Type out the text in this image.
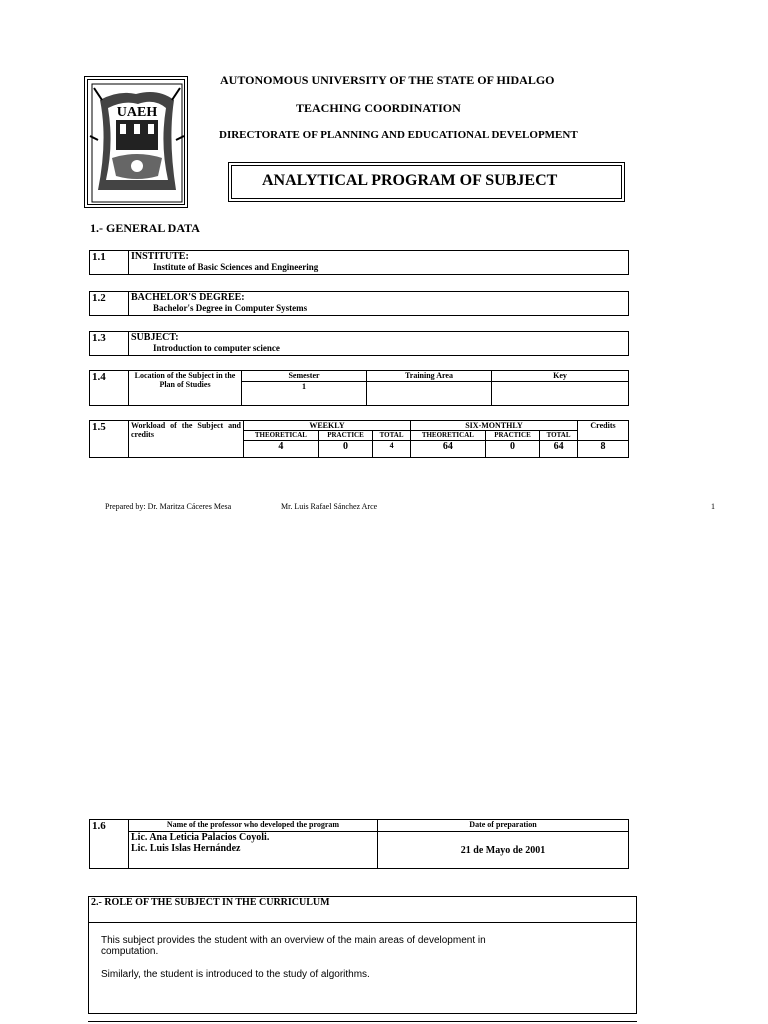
UAEH
AUTONOMOUS UNIVERSITY OF THE STATE OF HIDALGO
TEACHING COORDINATION
DIRECTORATE OF PLANNING AND EDUCATIONAL DEVELOPMENT
ANALYTICAL PROGRAM OF SUBJECT
1.- GENERAL DATA
1.1	INSTITUTE:
Institute of Basic Sciences and Engineering
1.2	BACHELOR'S DEGREE:
Bachelor's Degree in Computer Systems
1.3	SUBJECT:
Introduction to computer science
1.4	Location of the Subject in the Plan of Studies	Semester	Training Area	Key
		1		
1.5	Workload of the Subject and credits	WEEKLY			SIX-MONTHLY			Credits
		THEORETICAL	PRACTICE	TOTAL	THEORETICAL	PRACTICE	TOTAL	
		4	0	4	64	0	64	8
Prepared by: Dr. Maritza Cáceres Mesa	Mr. Luis Rafael Sánchez Arce	1
1.6	Name of the professor who developed the program	Date of preparation

	Lic. Ana Leticia Palacios Coyoli.
Lic. Luis Islas Hernández	21 de Mayo de 2001
2.- ROLE OF THE SUBJECT IN THE CURRICULUM

This subject provides the student with an overview of the main areas of development in computation.

Similarly, the student is introduced to the study of algorithms.
